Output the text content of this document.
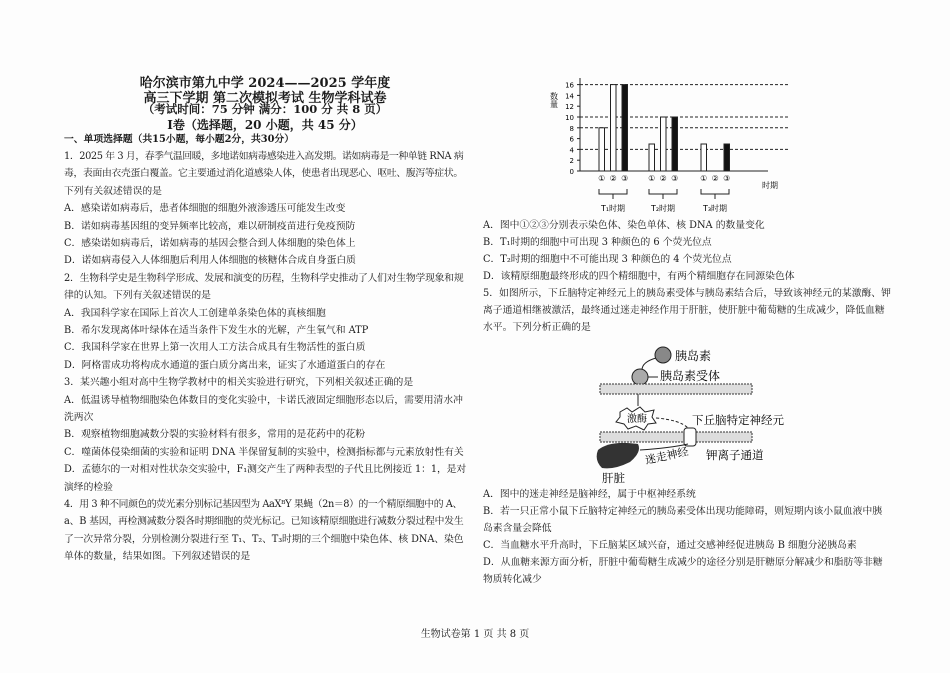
哈尔滨市第九中学 2024——2025 学年度
高三下学期 第二次模拟考试 生物学科试卷
（考试时间：75 分钟 满分：100 分 共 8 页）
I卷（选择题，20 小题，共 45 分）
一、单项选择题（共15小题，每小题2分，共30分）
1．2025 年 3 月，春季气温回暖，多地诺如病毒感染进入高发期。诺如病毒是一种单链 RNA 病
毒，表面由衣壳蛋白覆盖。它主要通过消化道感染人体，使患者出现恶心、呕吐、腹泻等症状。
下列有关叙述错误的是
A．感染诺如病毒后，患者体细胞的细胞外液渗透压可能发生改变
B．诺如病毒基因组的变异频率比较高，难以研制疫苗进行免疫预防
C．感染诺如病毒后，诺如病毒的基因会整合到人体细胞的染色体上
D．诺如病毒侵入人体细胞后利用人体细胞的核糖体合成自身蛋白质
2．生物科学史是生物科学形成、发展和演变的历程，生物科学史推动了人们对生物学现象和规
律的认知。下列有关叙述错误的是
A．我国科学家在国际上首次人工创建单条染色体的真核细胞
B．希尔发现离体叶绿体在适当条件下发生水的光解，产生氧气和 ATP
C．我国科学家在世界上第一次用人工方法合成具有生物活性的蛋白质
D．阿格雷成功将构成水通道的蛋白质分离出来，证实了水通道蛋白的存在
3．某兴趣小组对高中生物学教材中的相关实验进行研究，下列相关叙述正确的是
A．低温诱导植物细胞染色体数目的变化实验中，卡诺氏液固定细胞形态以后，需要用清水冲
洗两次
B．观察植物细胞减数分裂的实验材料有很多，常用的是花药中的花粉
C．噬菌体侵染细菌的实验和证明 DNA 半保留复制的实验中，检测指标都与元素放射性有关
D．孟德尔的一对相对性状杂交实验中，F₁测交产生了两种表型的子代且比例接近 1：1，是对
演绎的检验
4．用 3 种不同颜色的荧光素分别标记基因型为 AaXᴮY 果蝇（2n＝8）的一个精原细胞中的 A、
a、B 基因，再检测减数分裂各时期细胞的荧光标记。已知该精原细胞进行减数分裂过程中发生
了一次异常分裂，分别检测分裂进行至 T₁、T₂、T₃时期的三个细胞中染色体、核 DNA、染色
单体的数量，结果如图。下列叙述错误的是
A．图中①②③分别表示染色体、染色单体、核 DNA 的数量变化
B．T₁时期的细胞中可出现 3 种颜色的 6 个荧光位点
C．T₂时期的细胞中不可能出现 3 种颜色的 4 个荧光位点
D．该精原细胞最终形成的四个精细胞中，有两个精细胞存在同源染色体
5．如图所示，下丘脑特定神经元上的胰岛素受体与胰岛素结合后，导致该神经元的某激酶、钾
离子通道相继被激活，最终通过迷走神经作用于肝脏，使肝脏中葡萄糖的生成减少，降低血糖
水平。下列分析正确的是
A．图中的迷走神经是脑神经，属于中枢神经系统
B．若一只正常小鼠下丘脑特定神经元的胰岛素受体出现功能障碍，则短期内该小鼠血液中胰
岛素含量会降低
C．当血糖水平升高时，下丘脑某区域兴奋，通过交感神经促进胰岛 B 细胞分泌胰岛素
D．从血糖来源方面分析，肝脏中葡萄糖生成减少的途径分别是肝糖原分解减少和脂肪等非糖
物质转化减少
0
2
4
6
8
10
12
14
16
数量
时期
① ② ③
T₁时期
① ② ③
T₂时期
① ② ③
T₃时期
胰岛素
胰岛素受体
激酶	下丘脑特定神经元
钾离子通道
迷走神经
肝脏
生物试卷第 1 页 共 8 页
